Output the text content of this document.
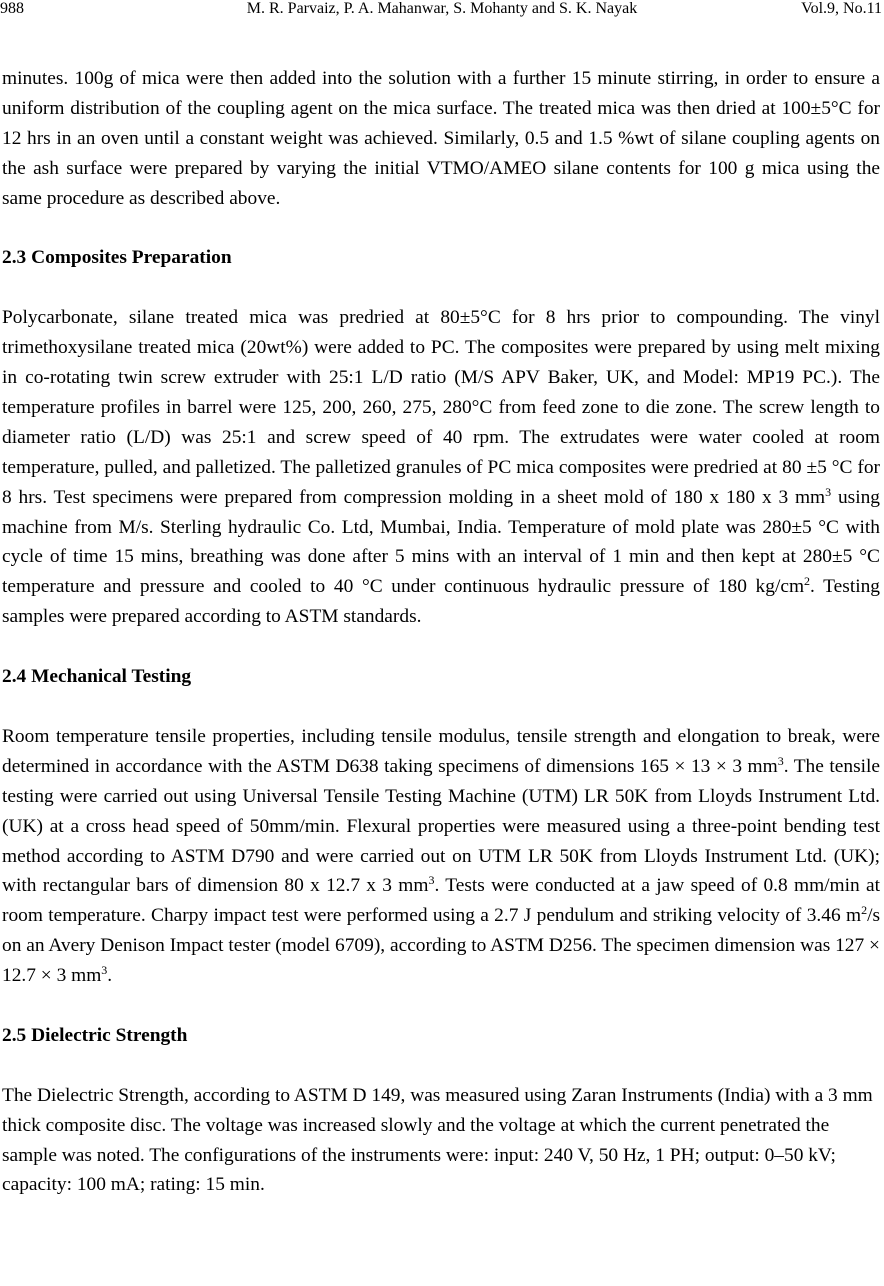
988	M. R. Parvaiz, P. A. Mahanwar, S. Mohanty and S. K. Nayak	Vol.9, No.11

minutes. 100g of mica were then added into the solution with a further 15 minute stirring, in order to ensure a uniform distribution of the coupling agent on the mica surface. The treated mica was then dried at 100±5°C for 12 hrs in an oven until a constant weight was achieved. Similarly, 0.5 and 1.5 %wt of silane coupling agents on the ash surface were prepared by varying the initial VTMO/AMEO silane contents for 100 g mica using the same procedure as described above.

2.3 Composites Preparation

Polycarbonate, silane treated mica was predried at 80±5°C for 8 hrs prior to compounding. The vinyl trimethoxysilane treated mica (20wt%) were added to PC. The composites were prepared by using melt mixing in co-rotating twin screw extruder with 25:1 L/D ratio (M/S APV Baker, UK, and Model: MP19 PC.). The temperature profiles in barrel were 125, 200, 260, 275, 280°C from feed zone to die zone. The screw length to diameter ratio (L/D) was 25:1 and screw speed of 40 rpm. The extrudates were water cooled at room temperature, pulled, and palletized. The palletized granules of PC mica composites were predried at 80 ±5 °C for 8 hrs. Test specimens were prepared from compression molding in a sheet mold of 180 x 180 x 3 $mm^3$ using machine from M/s. Sterling hydraulic Co. Ltd, Mumbai, India. Temperature of mold plate was 280±5 °C with cycle of time 15 mins, breathing was done after 5 mins with an interval of 1 min and then kept at 280±5 °C temperature and pressure and cooled to 40 °C under continuous hydraulic pressure of 180 $kg/cm^2$. Testing samples were prepared according to ASTM standards.

2.4 Mechanical Testing

Room temperature tensile properties, including tensile modulus, tensile strength and elongation to break, were determined in accordance with the ASTM D638 taking specimens of dimensions 165 × 13 × 3 $mm^3$. The tensile testing were carried out using Universal Tensile Testing Machine (UTM) LR 50K from Lloyds Instrument Ltd. (UK) at a cross head speed of 50mm/min. Flexural properties were measured using a three-point bending test method according to ASTM D790 and were carried out on UTM LR 50K from Lloyds Instrument Ltd. (UK); with rectangular bars of dimension 80 x 12.7 x 3 $mm^3$. Tests were conducted at a jaw speed of 0.8 mm/min at room temperature. Charpy impact test were performed using a 2.7 J pendulum and striking velocity of 3.46 $m^2/s$ on an Avery Denison Impact tester (model 6709), according to ASTM D256. The specimen dimension was 127 × 12.7 × 3 $mm^3$.

2.5 Dielectric Strength

The Dielectric Strength, according to ASTM D 149, was measured using Zaran Instruments (India) with a 3 mm thick composite disc. The voltage was increased slowly and the voltage at which the current penetrated the sample was noted. The configurations of the instruments were: input: 240 V, 50 Hz, 1 PH; output: 0–50 kV; capacity: 100 mA; rating: 15 min.
